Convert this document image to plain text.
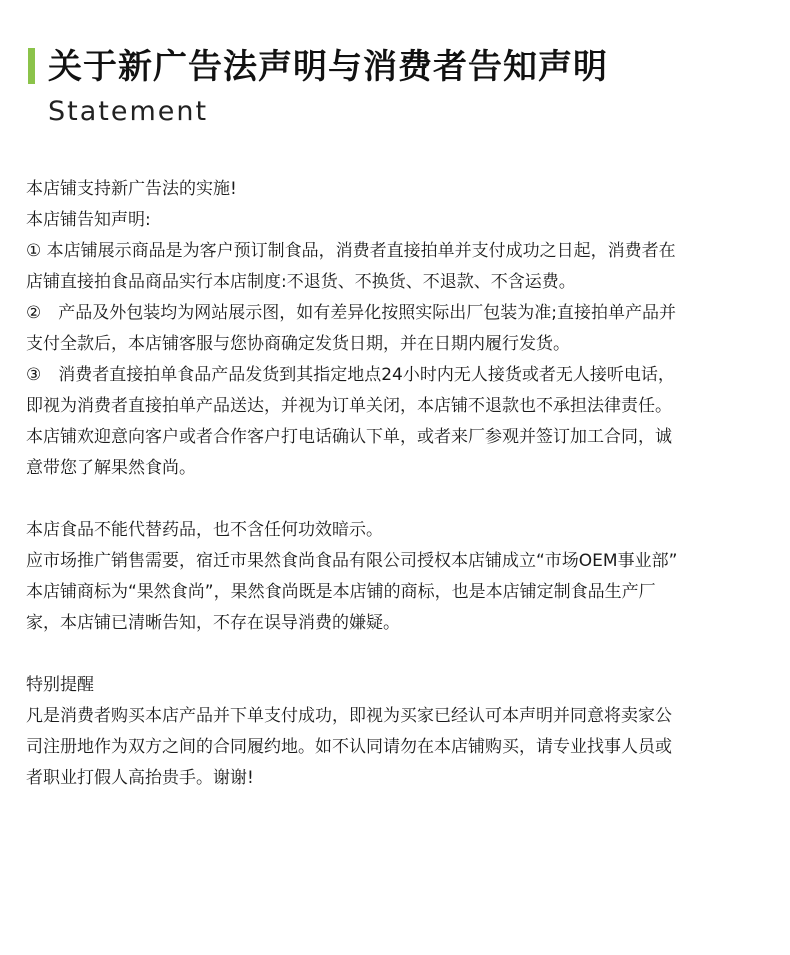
关于新广告法声明与消费者告知声明
Statement
本店铺支持新广告法的实施!
本店铺告知声明:
① 本店铺展示商品是为客户预订制食品，消费者直接拍单并支付成功之日起，消费者在
店铺直接拍食品商品实行本店制度:不退货、不换货、不退款、不含运费。
②　产品及外包装均为网站展示图，如有差异化按照实际出厂包装为准;直接拍单产品并
支付全款后，本店铺客服与您协商确定发货日期，并在日期内履行发货。
③　消费者直接拍单食品产品发货到其指定地点24小时内无人接货或者无人接听电话，
即视为消费者直接拍单产品送达，并视为订单关闭，本店铺不退款也不承担法律责任。
本店铺欢迎意向客户或者合作客户打电话确认下单，或者来厂参观并签订加工合同，诚
意带您了解果然食尚。
本店食品不能代替药品，也不含任何功效暗示。
应市场推广销售需要，宿迁市果然食尚食品有限公司授权本店铺成立“市场OEM事业部”
本店铺商标为“果然食尚”，果然食尚既是本店铺的商标，也是本店铺定制食品生产厂
家，本店铺已清晰告知，不存在误导消费的嫌疑。
特别提醒
凡是消费者购买本店产品并下单支付成功，即视为买家已经认可本声明并同意将卖家公
司注册地作为双方之间的合同履约地。如不认同请勿在本店铺购买，请专业找事人员或
者职业打假人高抬贵手。谢谢!
